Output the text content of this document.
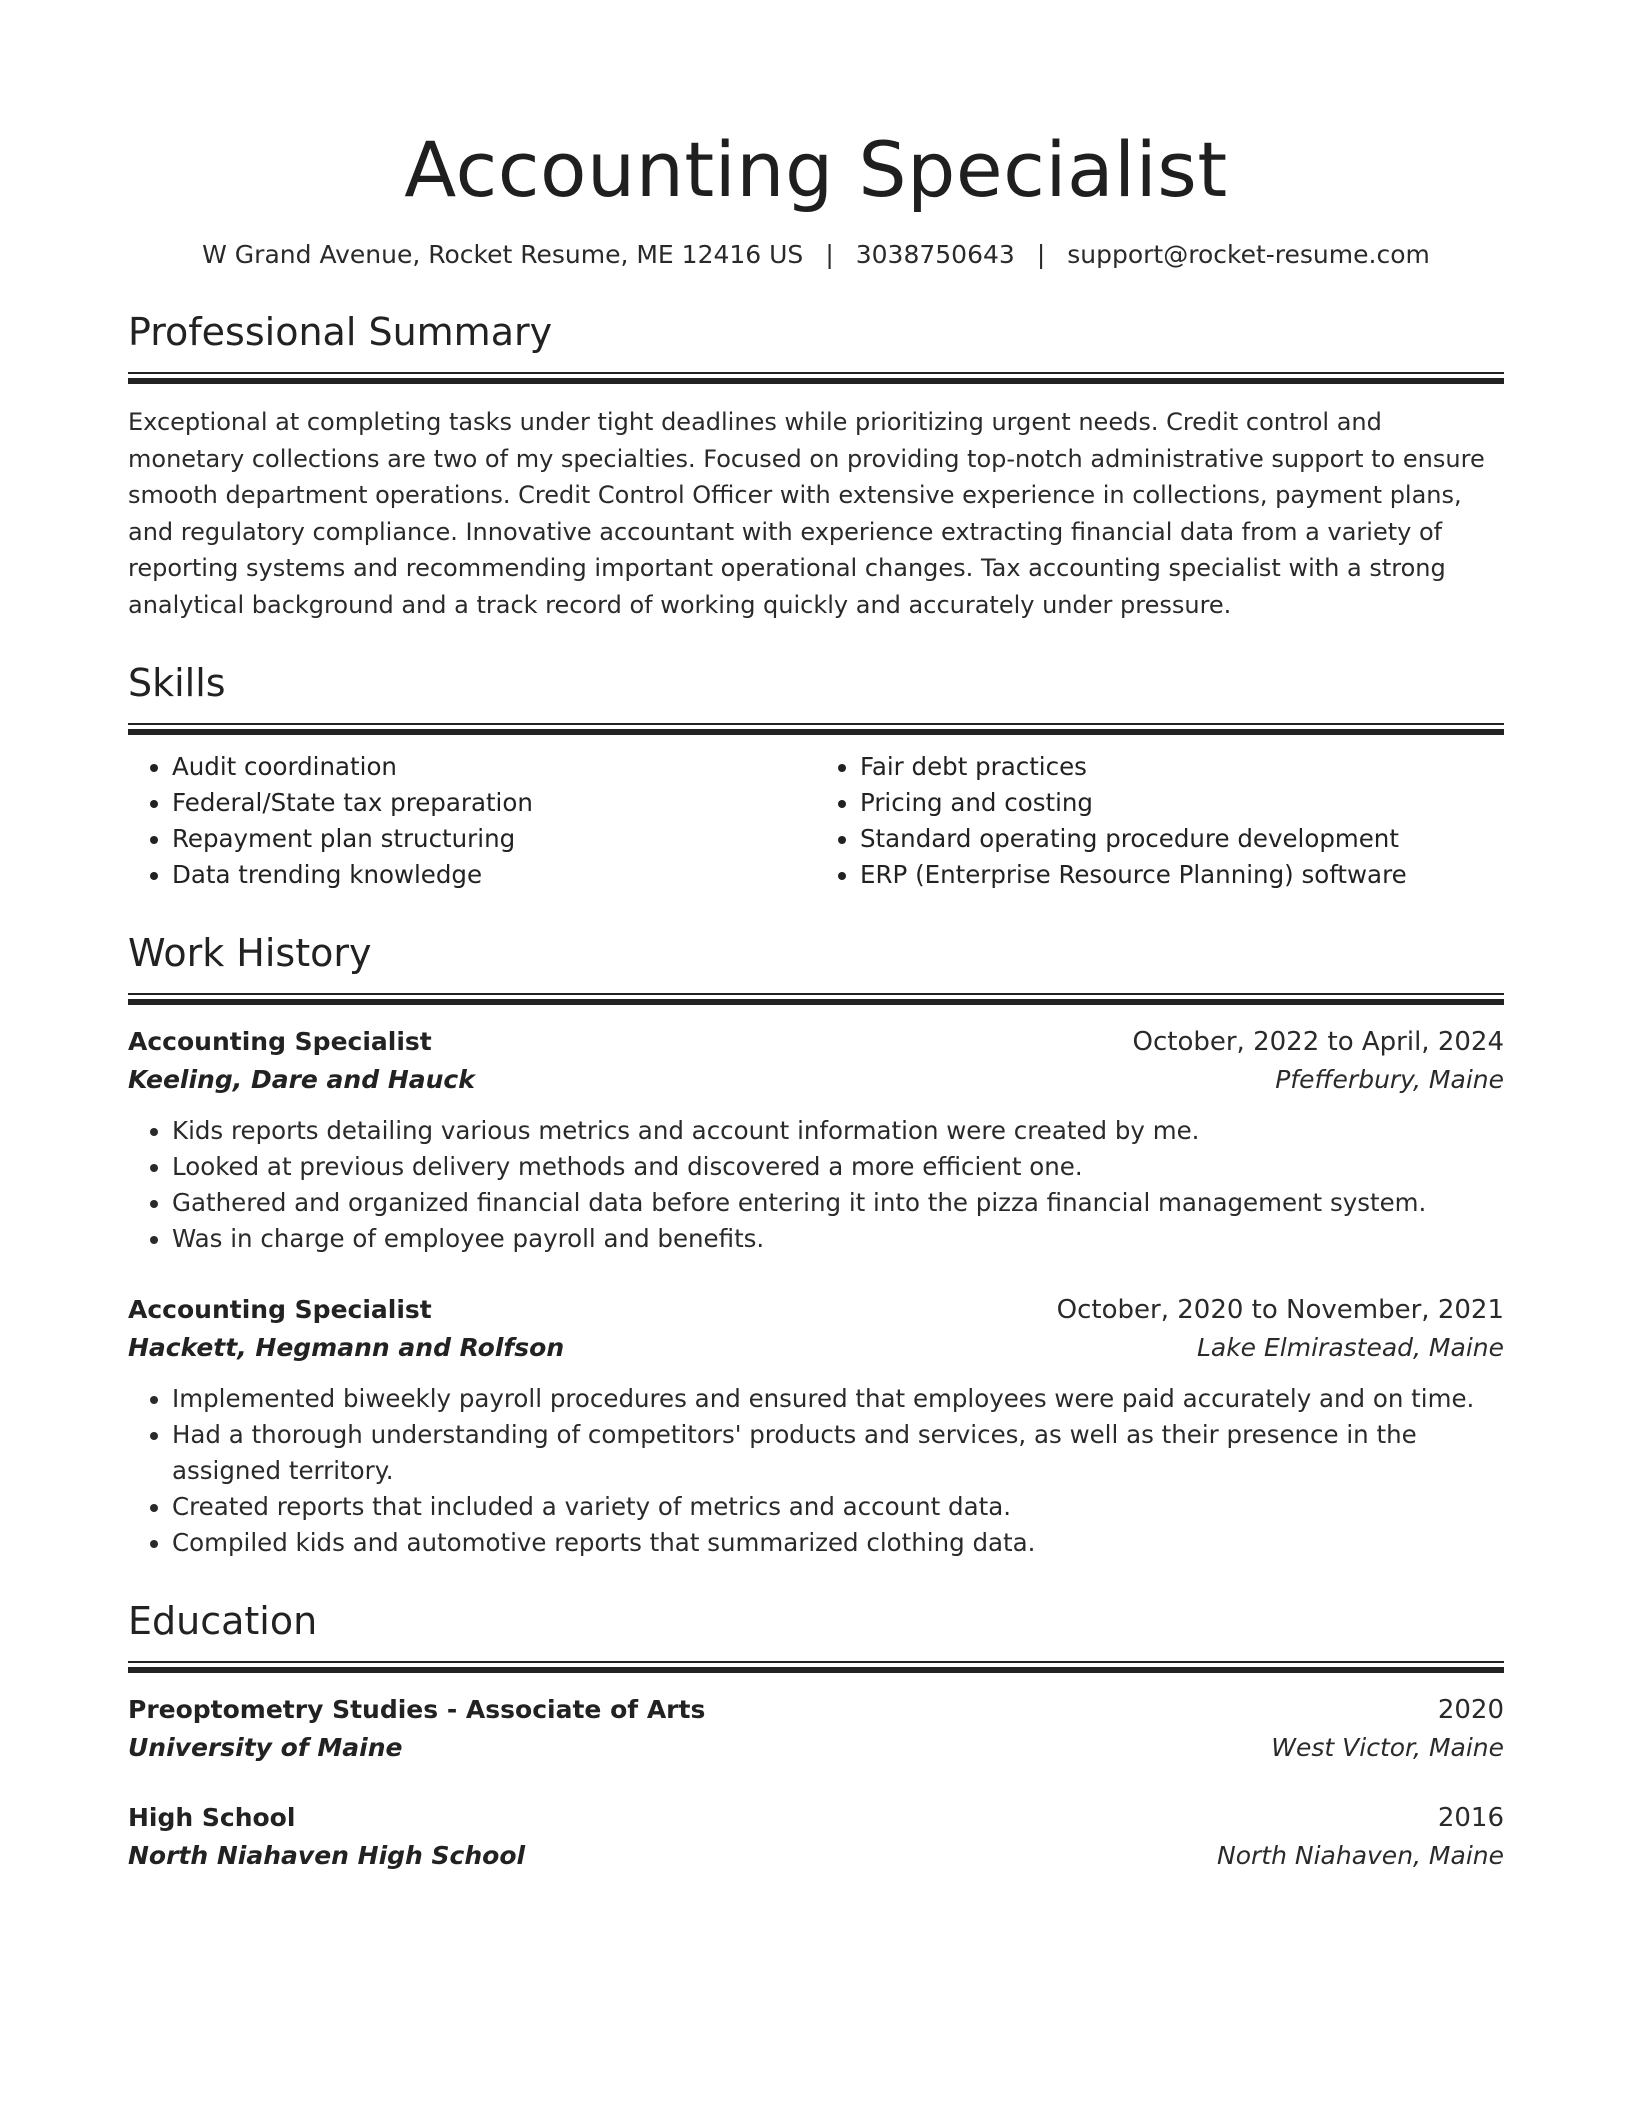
Accounting Specialist
W Grand Avenue, Rocket Resume, ME 12416 US | 3038750643 | support@rocket-resume.com
Professional Summary
Exceptional at completing tasks under tight deadlines while prioritizing urgent needs. Credit control and monetary collections are two of my specialties. Focused on providing top-notch administrative support to ensure smooth department operations. Credit Control Officer with extensive experience in collections, payment plans, and regulatory compliance. Innovative accountant with experience extracting financial data from a variety of reporting systems and recommending important operational changes. Tax accounting specialist with a strong analytical background and a track record of working quickly and accurately under pressure.
Skills
• Audit coordination
• Federal/State tax preparation
• Repayment plan structuring
• Data trending knowledge
• Fair debt practices
• Pricing and costing
• Standard operating procedure development
• ERP (Enterprise Resource Planning) software
Work History
Accounting Specialist	October, 2022 to April, 2024
Keeling, Dare and Hauck	Pfefferbury, Maine
• Kids reports detailing various metrics and account information were created by me.
• Looked at previous delivery methods and discovered a more efficient one.
• Gathered and organized financial data before entering it into the pizza financial management system.
• Was in charge of employee payroll and benefits.
Accounting Specialist	October, 2020 to November, 2021
Hackett, Hegmann and Rolfson	Lake Elmirastead, Maine
• Implemented biweekly payroll procedures and ensured that employees were paid accurately and on time.
• Had a thorough understanding of competitors' products and services, as well as their presence in the assigned territory.
• Created reports that included a variety of metrics and account data.
• Compiled kids and automotive reports that summarized clothing data.
Education
Preoptometry Studies - Associate of Arts	2020
University of Maine	West Victor, Maine
High School	2016
North Niahaven High School	North Niahaven, Maine
